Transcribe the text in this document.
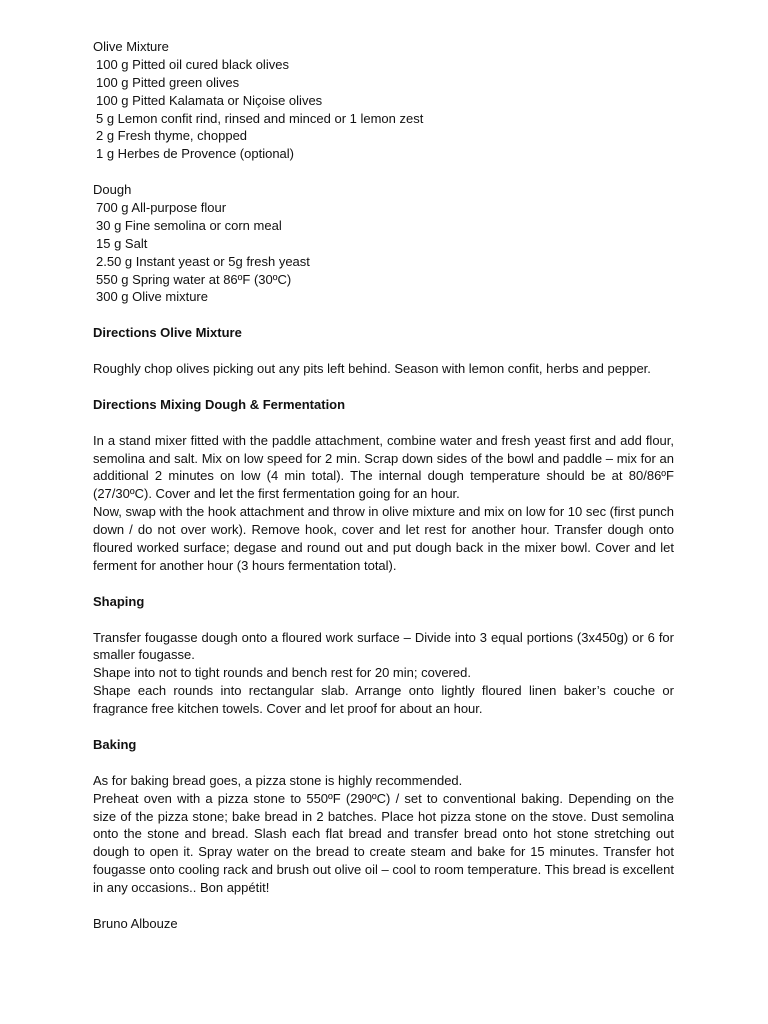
Olive Mixture
100 g Pitted oil cured black olives
100 g Pitted green olives
100 g Pitted Kalamata or Niçoise olives
5 g Lemon confit rind, rinsed and minced or 1 lemon zest
2 g Fresh thyme, chopped
1 g Herbes de Provence (optional)
Dough
700 g All-purpose flour
30 g Fine semolina or corn meal
15 g Salt
2.50 g Instant yeast or 5g fresh yeast
550 g Spring water at 86ºF (30ºC)
300 g Olive mixture
Directions Olive Mixture

Roughly chop olives picking out any pits left behind. Season with lemon confit, herbs and pepper.

Directions Mixing Dough & Fermentation

In a stand mixer fitted with the paddle attachment, combine water and fresh yeast first and add flour, semolina and salt. Mix on low speed for 2 min. Scrap down sides of the bowl and paddle – mix for an additional 2 minutes on low (4 min total). The internal dough temperature should be at 80/86ºF (27/30ºC). Cover and let the first fermentation going for an hour.

Now, swap with the hook attachment and throw in olive mixture and mix on low for 10 sec (first punch down / do not over work). Remove hook, cover and let rest for another hour. Transfer dough onto floured worked surface; degase and round out and put dough back in the mixer bowl. Cover and let ferment for another hour (3 hours fermentation total).

Shaping

Transfer fougasse dough onto a floured work surface – Divide into 3 equal portions (3x450g) or 6 for smaller fougasse.

Shape into not to tight rounds and bench rest for 20 min; covered.

Shape each rounds into rectangular slab. Arrange onto lightly floured linen baker’s couche or fragrance free kitchen towels. Cover and let proof for about an hour.

Baking

As for baking bread goes, a pizza stone is highly recommended.

Preheat oven with a pizza stone to 550ºF (290ºC) / set to conventional baking. Depending on the size of the pizza stone; bake bread in 2 batches. Place hot pizza stone on the stove. Dust semolina onto the stone and bread. Slash each flat bread and transfer bread onto hot stone stretching out dough to open it. Spray water on the bread to create steam and bake for 15 minutes. Transfer hot fougasse onto cooling rack and brush out olive oil – cool to room temperature. This bread is excellent in any occasions.. Bon appétit!

Bruno Albouze
